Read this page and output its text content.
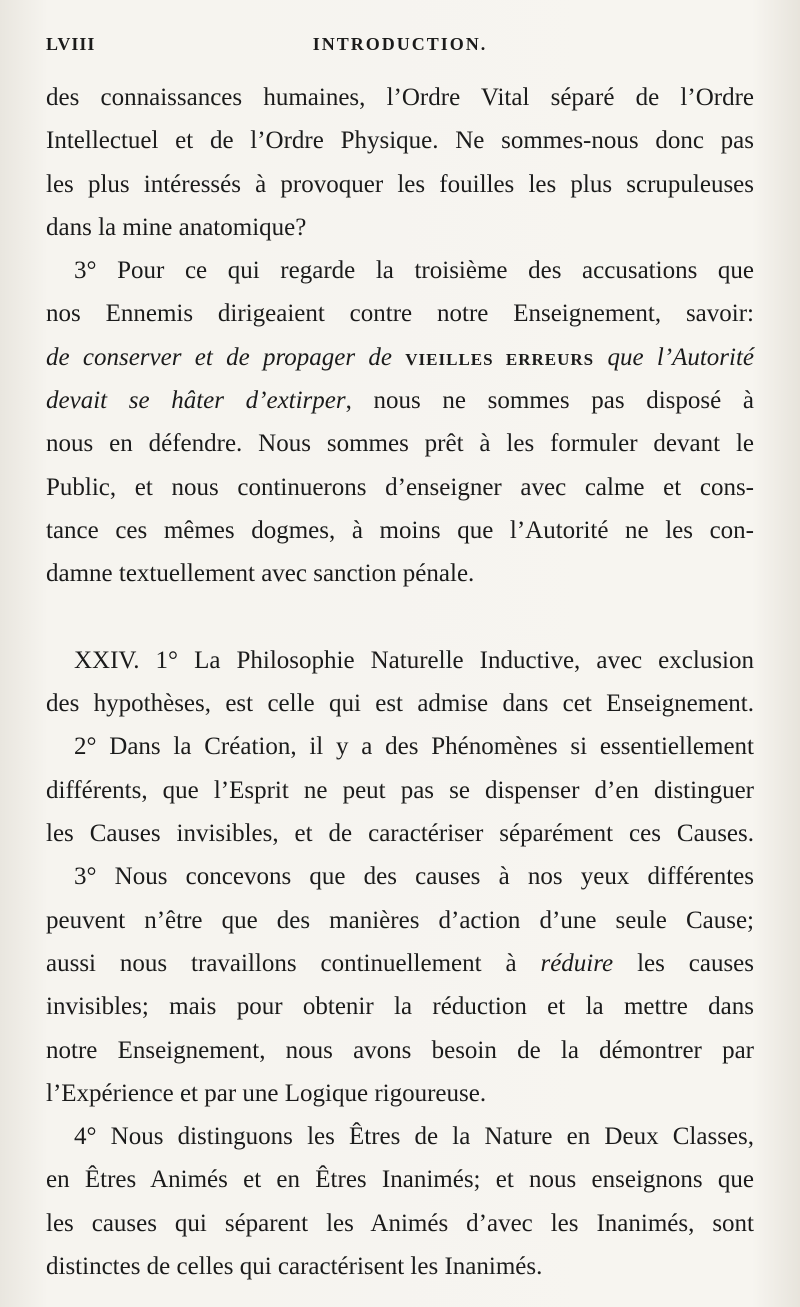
LVIII	INTRODUCTION.
des connaissances humaines, l’Ordre Vital séparé de l’Ordre
Intellectuel et de l’Ordre Physique. Ne sommes-nous donc pas
les plus intéressés à provoquer les fouilles les plus scrupuleuses
dans la mine anatomique?
3° Pour ce qui regarde la troisième des accusations que
nos Ennemis dirigeaient contre notre Enseignement, savoir:
de conserver et de propager de VIEILLES ERREURS que l’Autorité
devait se hâter d’extirper, nous ne sommes pas disposé à
nous en défendre. Nous sommes prêt à les formuler devant le
Public, et nous continuerons d’enseigner avec calme et cons-
tance ces mêmes dogmes, à moins que l’Autorité ne les con-
damne textuellement avec sanction pénale.
XXIV. 1° La Philosophie Naturelle Inductive, avec exclusion
des hypothèses, est celle qui est admise dans cet Enseignement.
2° Dans la Création, il y a des Phénomènes si essentiellement
différents, que l’Esprit ne peut pas se dispenser d’en distinguer
les Causes invisibles, et de caractériser séparément ces Causes.
3° Nous concevons que des causes à nos yeux différentes
peuvent n’être que des manières d’action d’une seule Cause;
aussi nous travaillons continuellement à réduire les causes
invisibles; mais pour obtenir la réduction et la mettre dans
notre Enseignement, nous avons besoin de la démontrer par
l’Expérience et par une Logique rigoureuse.
4° Nous distinguons les Êtres de la Nature en Deux Classes,
en Êtres Animés et en Êtres Inanimés; et nous enseignons que
les causes qui séparent les Animés d’avec les Inanimés, sont
distinctes de celles qui caractérisent les Inanimés.
